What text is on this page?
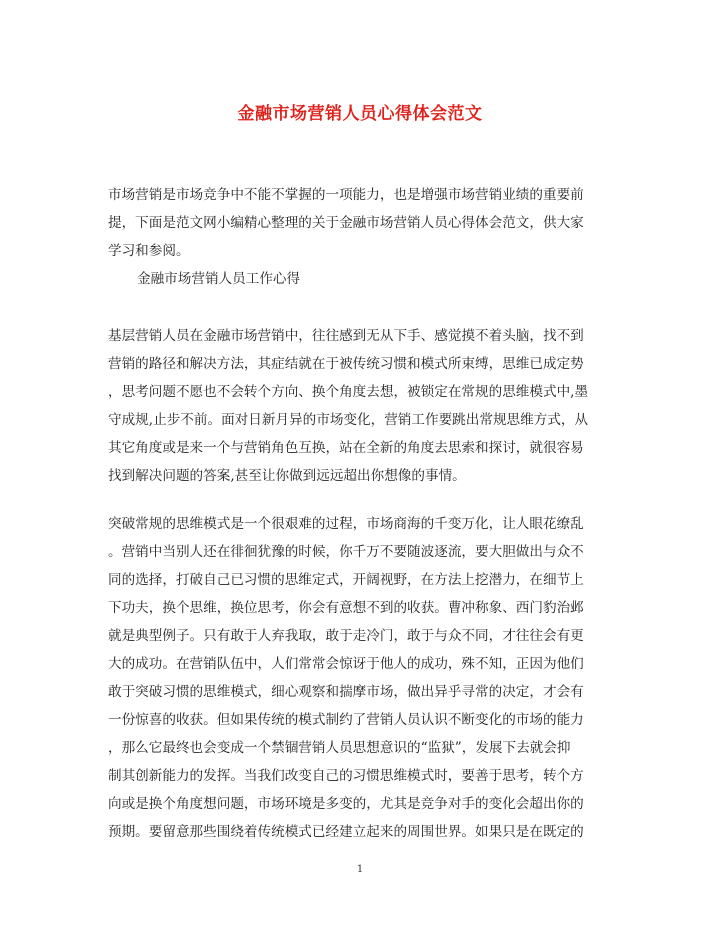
金融市场营销人员心得体会范文
市场营销是市场竞争中不能不掌握的一项能力，也是增强市场营销业绩的重要前
提，下面是范文网小编精心整理的关于金融市场营销人员心得体会范文，供大家
学习和参阅。
金融市场营销人员工作心得
基层营销人员在金融市场营销中，往往感到无从下手、感觉摸不着头脑，找不到
营销的路径和解决方法，其症结就在于被传统习惯和模式所束缚，思维已成定势
，思考问题不愿也不会转个方向、换个角度去想，被锁定在常规的思维模式中,墨
守成规,止步不前。面对日新月异的市场变化，营销工作要跳出常规思维方式，从
其它角度或是来一个与营销角色互换，站在全新的角度去思索和探讨，就很容易
找到解决问题的答案,甚至让你做到远远超出你想像的事情。
突破常规的思维模式是一个很艰难的过程，市场商海的千变万化，让人眼花缭乱
。营销中当别人还在徘徊犹豫的时候，你千万不要随波逐流，要大胆做出与众不
同的选择，打破自己已习惯的思维定式，开阔视野，在方法上挖潜力，在细节上
下功夫，换个思维，换位思考，你会有意想不到的收获。曹冲称象、西门豹治邺
就是典型例子。只有敢于人弃我取，敢于走冷门，敢于与众不同，才往往会有更
大的成功。在营销队伍中，人们常常会惊讶于他人的成功，殊不知，正因为他们
敢于突破习惯的思维模式，细心观察和揣摩市场，做出异乎寻常的决定，才会有
一份惊喜的收获。但如果传统的模式制约了营销人员认识不断变化的市场的能力
，那么它最终也会变成一个禁锢营销人员思想意识的“监狱”，发展下去就会抑
制其创新能力的发挥。当我们改变自己的习惯思维模式时，要善于思考，转个方
向或是换个角度想问题，市场环境是多变的，尤其是竞争对手的变化会超出你的
预期。要留意那些围绕着传统模式已经建立起来的周围世界。如果只是在既定的
1
